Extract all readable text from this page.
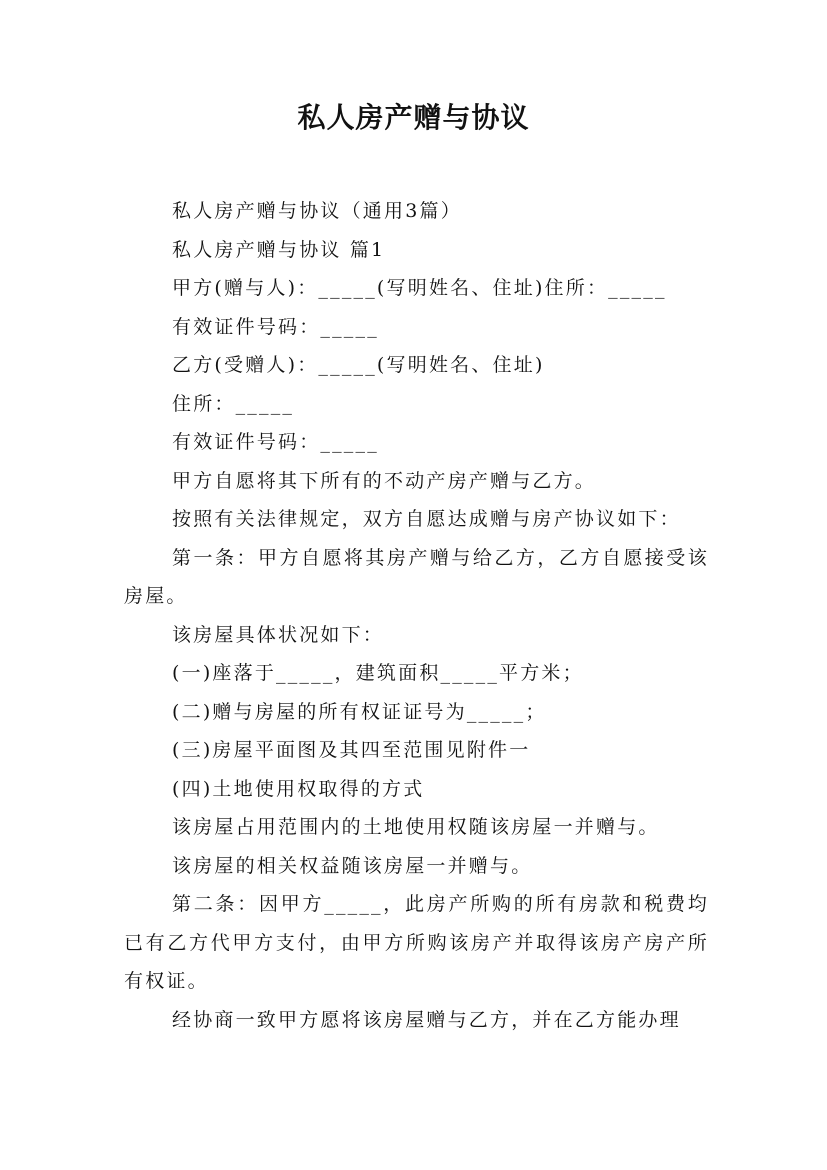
私人房产赠与协议

私人房产赠与协议（通用3篇）

私人房产赠与协议 篇1

甲方(赠与人)：_____(写明姓名、住址)住所：_____

有效证件号码：_____

乙方(受赠人)：_____(写明姓名、住址)

住所：_____

有效证件号码：_____

甲方自愿将其下所有的不动产房产赠与乙方。

按照有关法律规定，双方自愿达成赠与房产协议如下：

第一条：甲方自愿将其房产赠与给乙方，乙方自愿接受该房屋。

该房屋具体状况如下：

(一)座落于_____，建筑面积_____平方米；

(二)赠与房屋的所有权证证号为_____；

(三)房屋平面图及其四至范围见附件一

(四)土地使用权取得的方式

该房屋占用范围内的土地使用权随该房屋一并赠与。

该房屋的相关权益随该房屋一并赠与。

第二条：因甲方_____，此房产所购的所有房款和税费均已有乙方代甲方支付，由甲方所购该房产并取得该房产房产所有权证。

经协商一致甲方愿将该房屋赠与乙方，并在乙方能办理
